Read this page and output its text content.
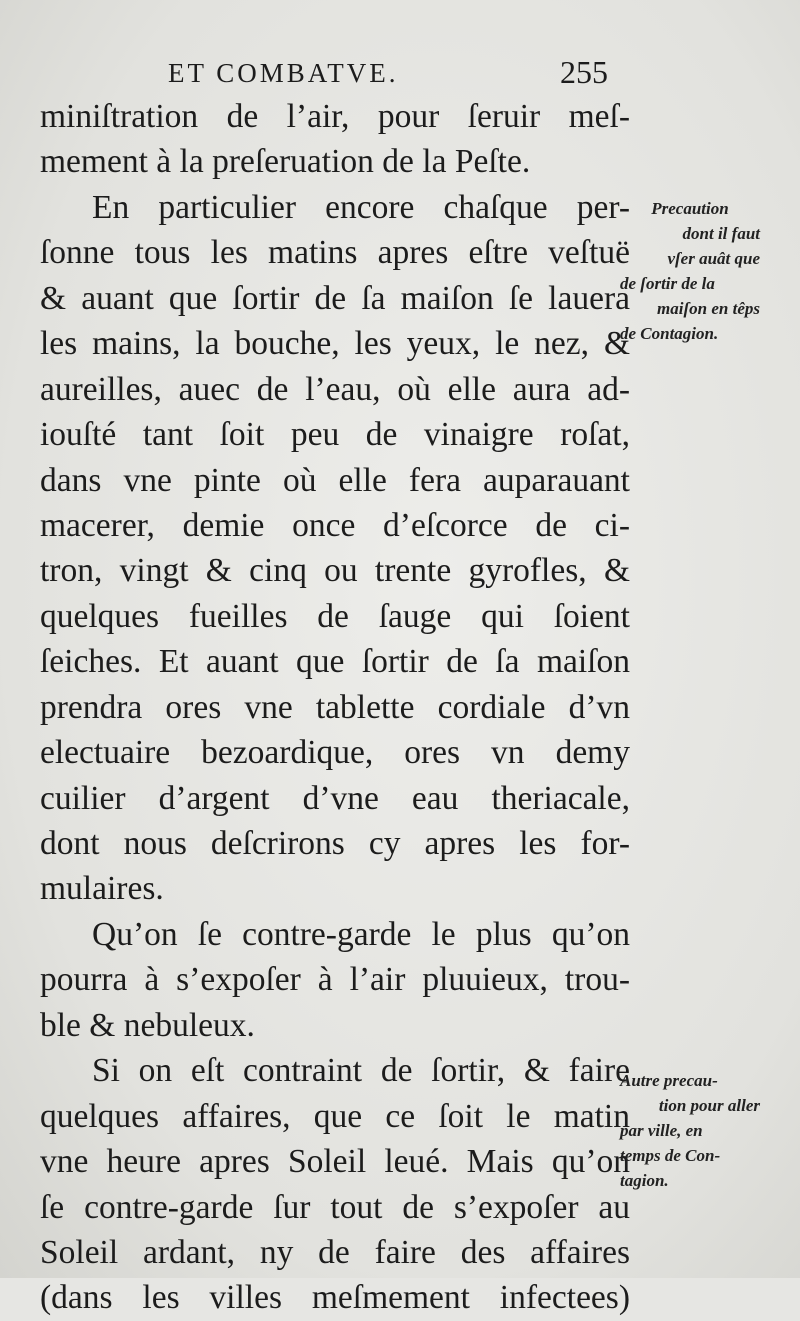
ET COMBATVE.	255
miniſtration de l’air, pour ſeruir meſ-
mement à la preſeruation de la Peſte.
En particulier encore chaſque per-
ſonne tous les matins apres eſtre veſtuë
& auant que ſortir de ſa maiſon ſe lauera
les mains, la bouche, les yeux, le nez, &
aureilles, auec de l’eau, où elle aura ad-
iouſté tant ſoit peu de vinaigre roſat,
dans vne pinte où elle fera auparauant
macerer, demie once d’eſcorce de ci-
tron, vingt & cinq ou trente gyrofles, &
quelques fueilles de ſauge qui ſoient
ſeiches. Et auant que ſortir de ſa maiſon
prendra ores vne tablette cordiale d’vn
electuaire bezoardique, ores vn demy
cuilier d’argent d’vne eau theriacale,
dont nous deſcrirons cy apres les for-
mulaires.
Qu’on ſe contre-garde le plus qu’on
pourra à s’expoſer à l’air pluuieux, trou-
ble & nebuleux.
Si on eſt contraint de ſortir, & faire
quelques affaires, que ce ſoit le matin
vne heure apres Soleil leué. Mais qu’on
ſe contre-garde ſur tout de s’expoſer au
Soleil ardant, ny de faire des affaires
(dans les villes meſmement infectees)
Precaution
dont il faut
vſer auât que
de ſortir de la
maiſon en têps
de Contagion.
Autre precau-
tion pour aller
par ville, en
temps de Con-
tagion.
